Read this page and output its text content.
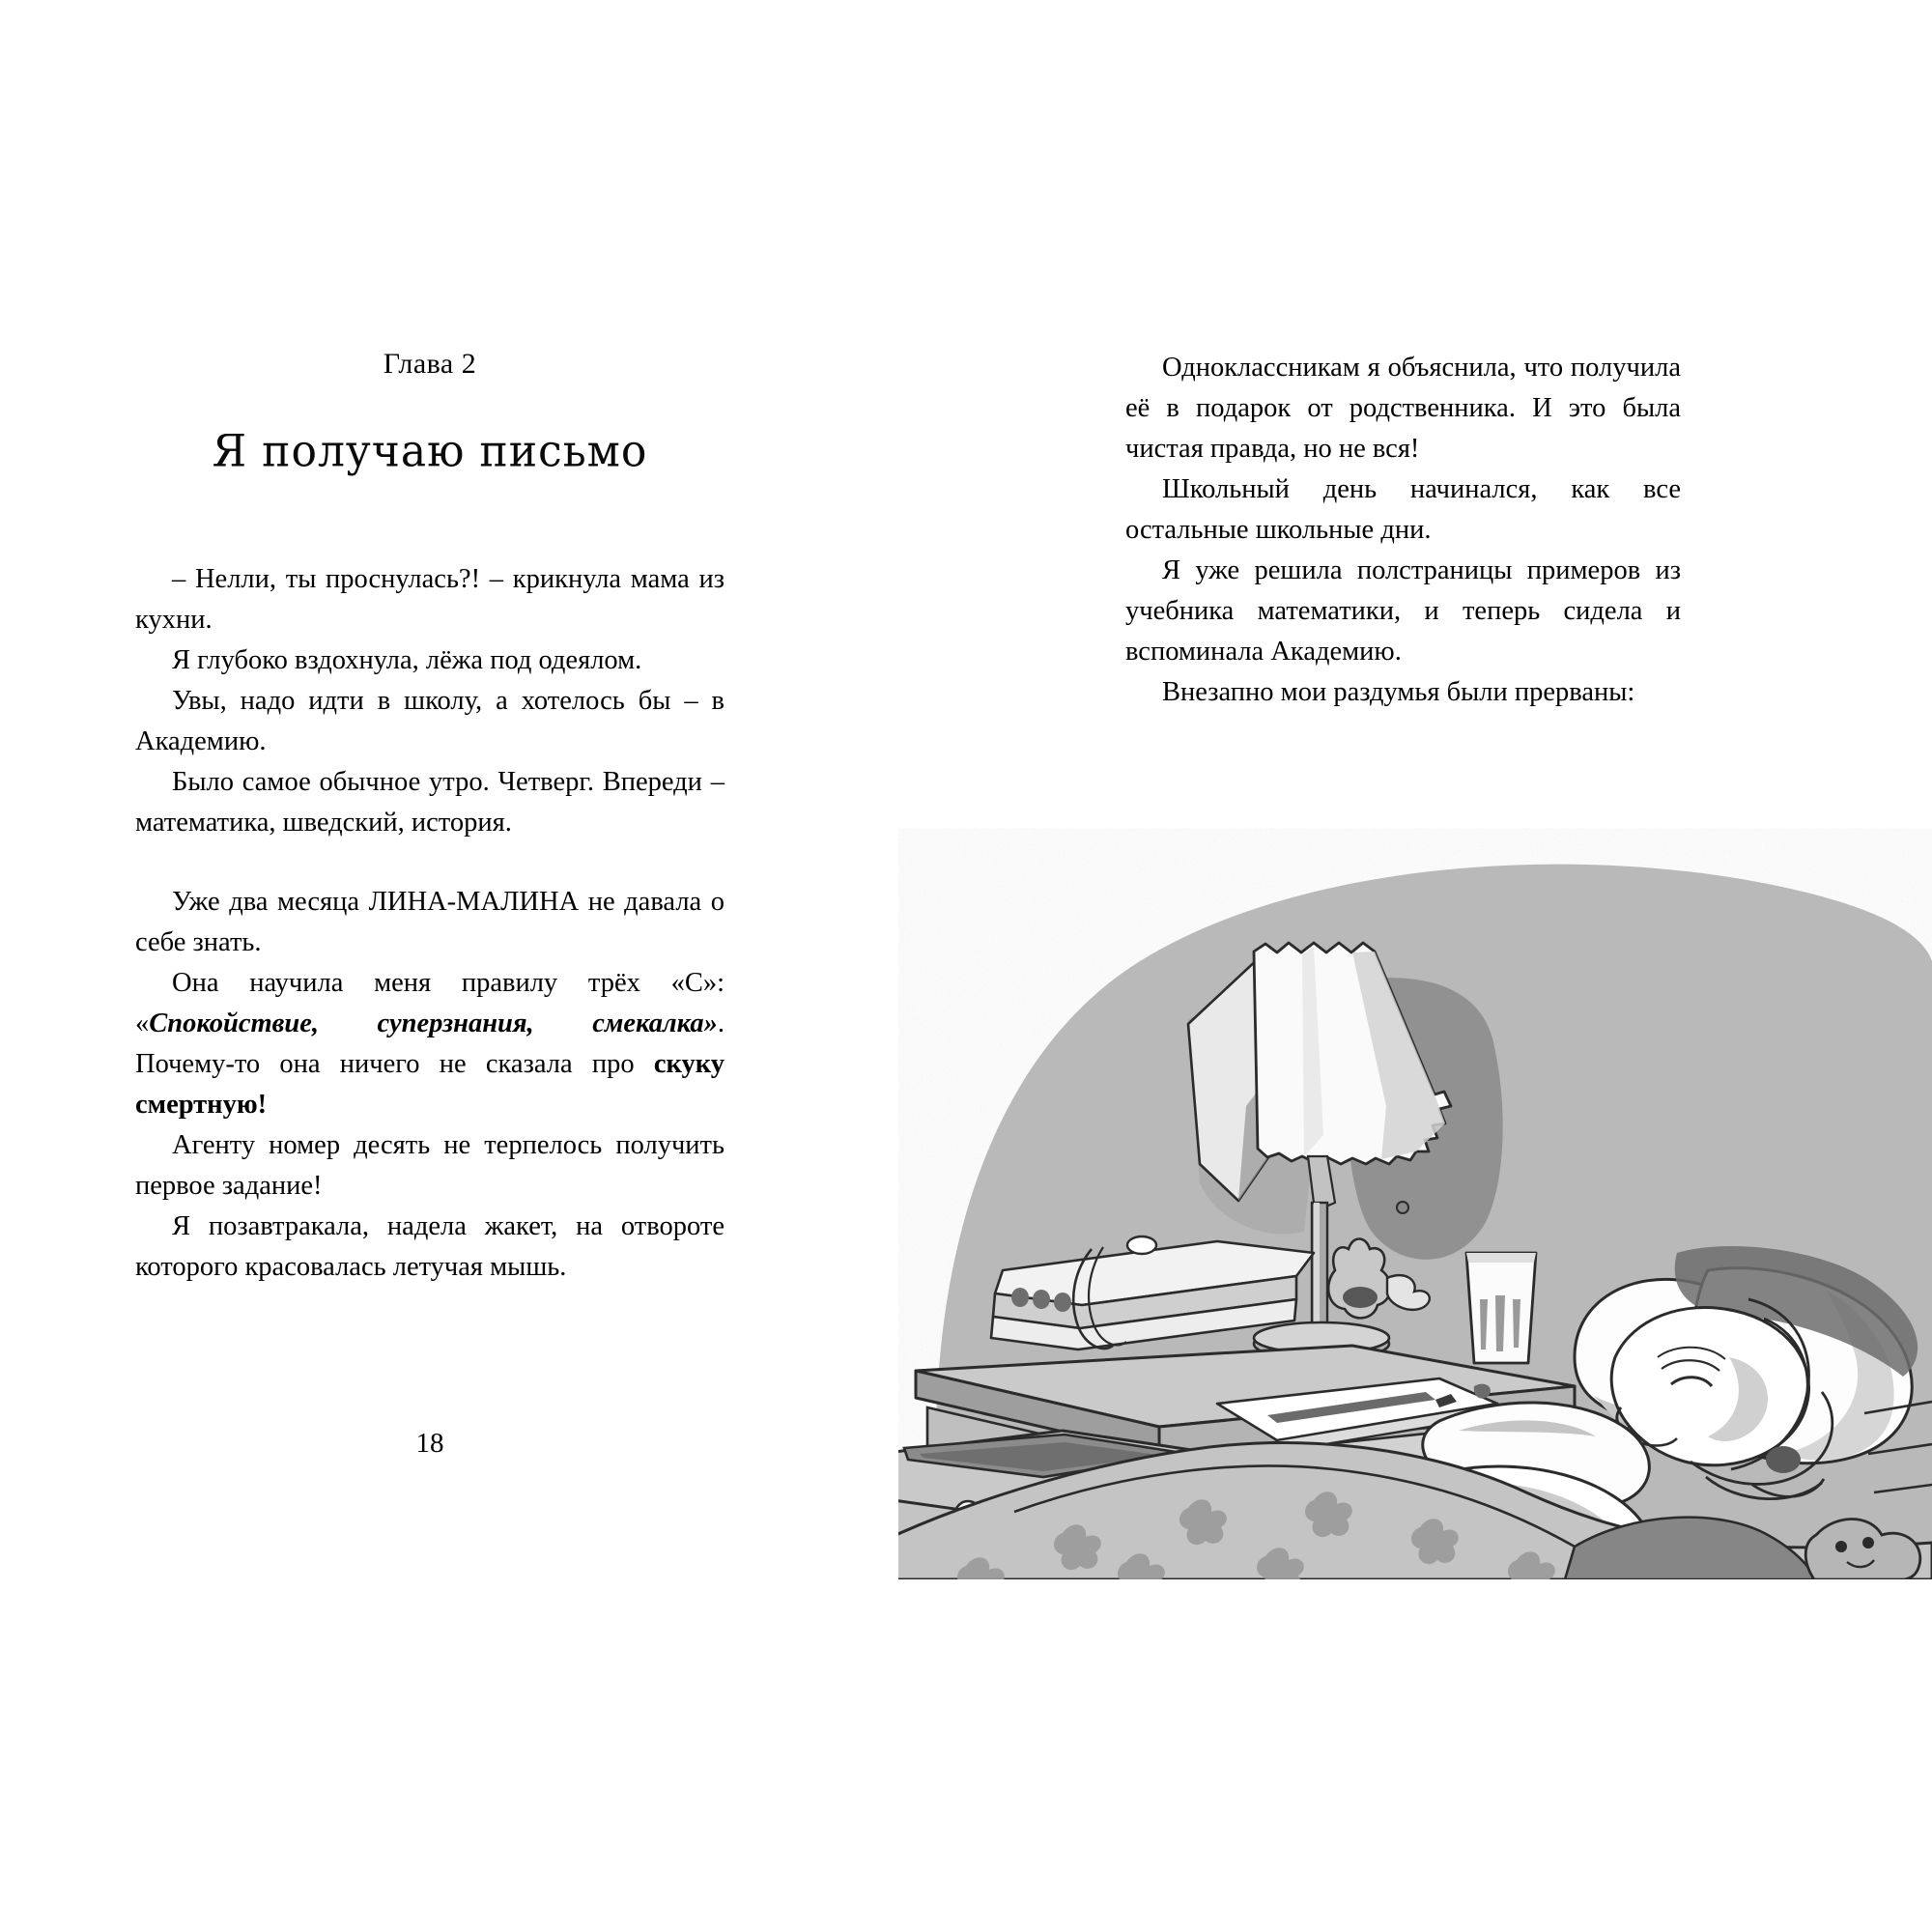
Глава 2
Я получаю письмо

– Нелли, ты проснулась?! – крикнула мама из кухни.

Я глубоко вздохнула, лёжа под одеялом.

Увы, надо идти в школу, а хотелось бы – в Академию.

Было самое обычное утро. Четверг. Впереди – математика, шведский, история.

Уже два месяца ЛИНА-МАЛИНА не давала о себе знать.

Она научила меня правилу трёх «С»: «Спокойствие, суперзнания, смекалка». Почему-то она ничего не сказала про скуку смертную!

Агенту номер десять не терпелось получить первое задание!

Я позавтракала, надела жакет, на отвороте которого красовалась летучая мышь.

18

Одноклассникам я объяснила, что получила её в подарок от родственника. И это была чистая правда, но не вся!

Школьный день начинался, как все остальные школьные дни.

Я уже решила полстраницы примеров из учебника математики, и теперь сидела и вспоминала Академию.

Внезапно мои раздумья были прерваны:
